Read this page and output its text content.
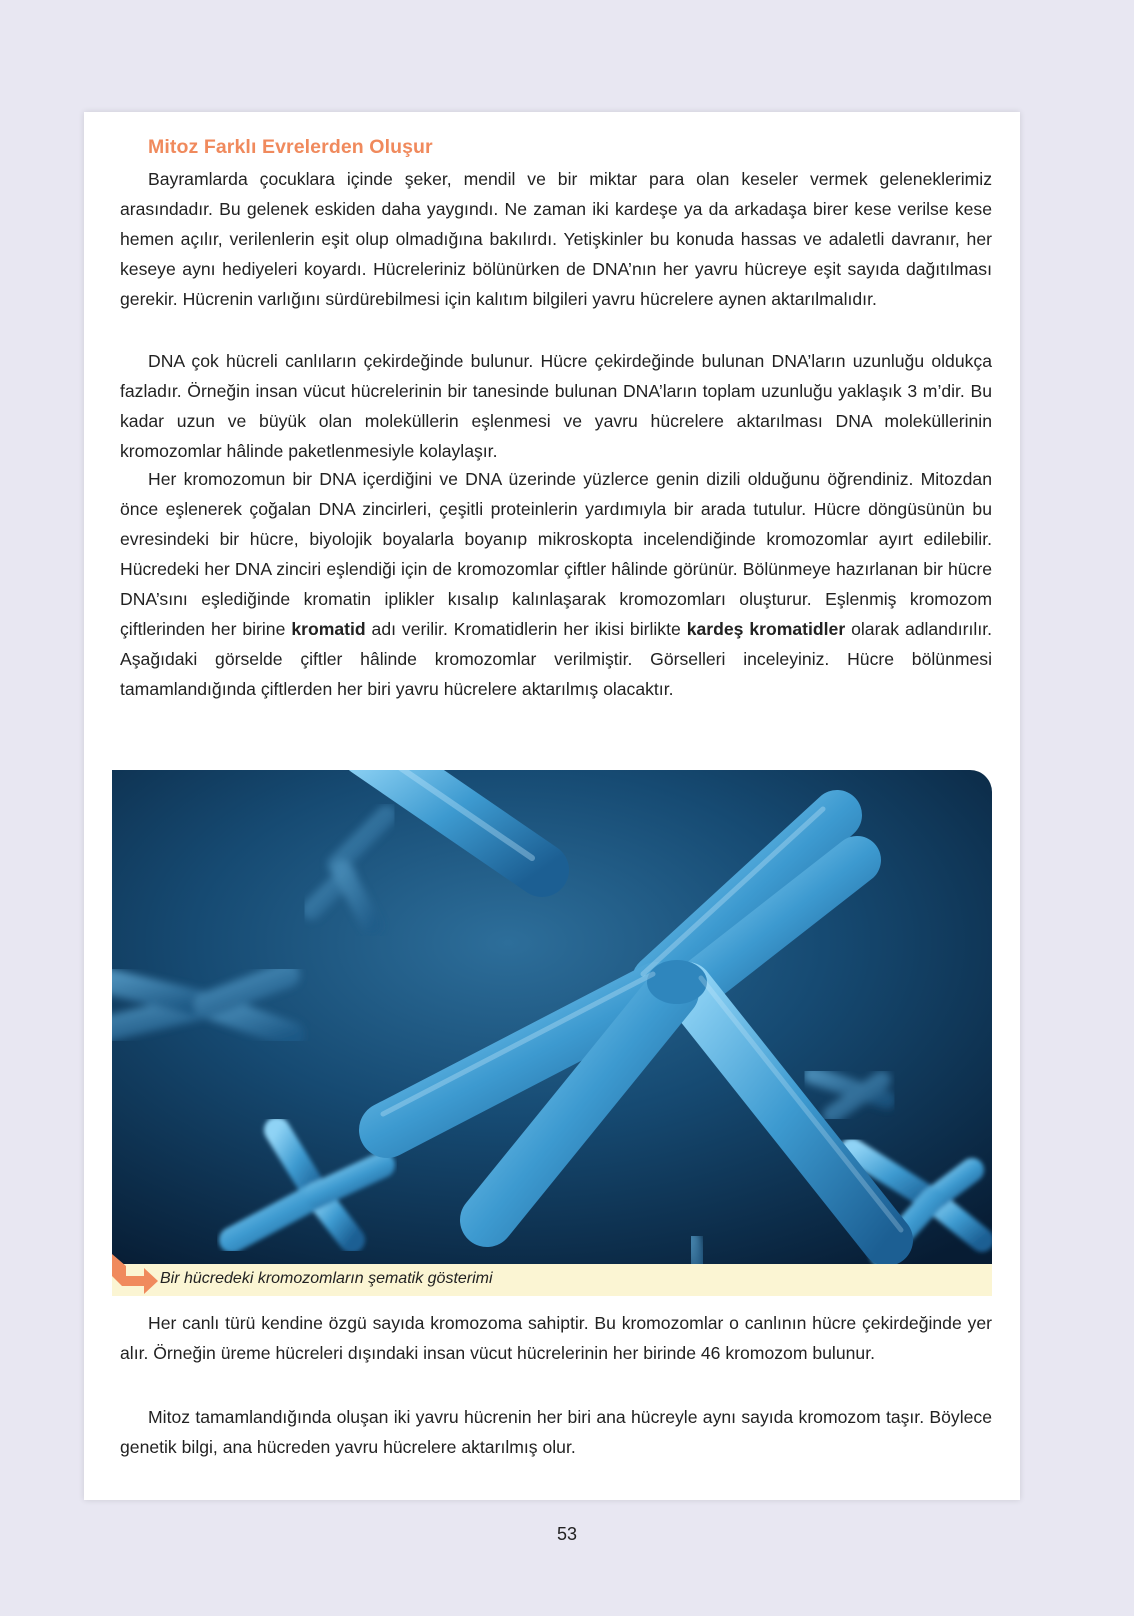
Mitoz Farklı Evrelerden Oluşur

Bayramlarda çocuklara içinde şeker, mendil ve bir miktar para olan keseler vermek geleneklerimiz arasındadır. Bu gelenek eskiden daha yaygındı. Ne zaman iki kardeşe ya da arkadaşa birer kese verilse kese hemen açılır, verilenlerin eşit olup olmadığına bakılırdı. Yetişkinler bu konuda hassas ve adaletli davranır, her keseye aynı hediyeleri koyardı. Hücreleriniz bölünürken de DNA’nın her yavru hücreye eşit sayıda dağıtılması gerekir. Hücrenin varlığını sürdürebilmesi için kalıtım bilgileri yavru hücrelere aynen aktarılmalıdır.

DNA çok hücreli canlıların çekirdeğinde bulunur. Hücre çekirdeğinde bulunan DNA’ların uzunluğu oldukça fazladır. Örneğin insan vücut hücrelerinin bir tanesinde bulunan DNA’ların toplam uzunluğu yaklaşık 3 m’dir. Bu kadar uzun ve büyük olan moleküllerin eşlenmesi ve yavru hücrelere aktarılması DNA moleküllerinin kromozomlar hâlinde paketlenmesiyle kolaylaşır.

Her kromozomun bir DNA içerdiğini ve DNA üzerinde yüzlerce genin dizili olduğunu öğrendiniz. Mitozdan önce eşlenerek çoğalan DNA zincirleri, çeşitli proteinlerin yardımıyla bir arada tutulur. Hücre döngüsünün bu evresindeki bir hücre, biyolojik boyalarla boyanıp mikroskopta incelendiğinde kromozomlar ayırt edilebilir. Hücredeki her DNA zinciri eşlendiği için de kromozomlar çiftler hâlinde görünür. Bölünmeye hazırlanan bir hücre DNA’sını eşlediğinde kromatin iplikler kısalıp kalınlaşarak kromozomları oluşturur. Eşlenmiş kromozom çiftlerinden her birine kromatid adı verilir. Kromatidlerin her ikisi birlikte kardeş kromatidler olarak adlandırılır. Aşağıdaki görselde çiftler hâlinde kromozomlar verilmiştir. Görselleri inceleyiniz. Hücre bölünmesi tamamlandığında çiftlerden her biri yavru hücrelere aktarılmış olacaktır.

Bir hücredeki kromozomların şematik gösterimi

Her canlı türü kendine özgü sayıda kromozoma sahiptir. Bu kromozomlar o canlının hücre çekirdeğinde yer alır. Örneğin üreme hücreleri dışındaki insan vücut hücrelerinin her birinde 46 kromozom bulunur.

Mitoz tamamlandığında oluşan iki yavru hücrenin her biri ana hücreyle aynı sayıda kromozom taşır. Böylece genetik bilgi, ana hücreden yavru hücrelere aktarılmış olur.

53
